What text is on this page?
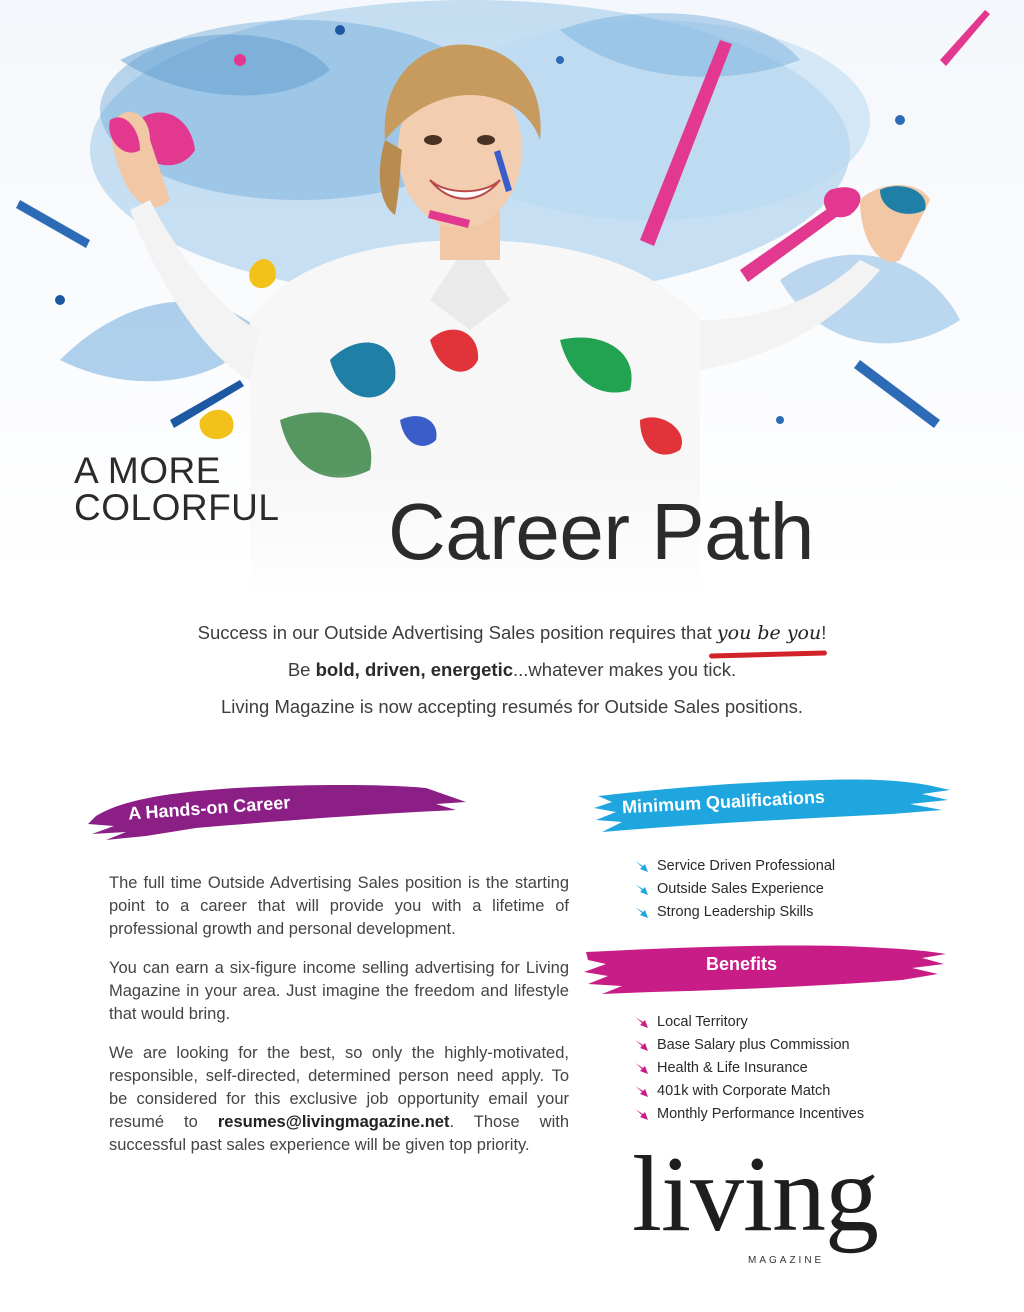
A MORE
COLORFUL Career Path

Success in our Outside Advertising Sales position requires that you be you!

Be bold, driven, energetic...whatever makes you tick.

Living Magazine is now accepting resumés for Outside Sales positions.

A Hands-on Career	Minimum Qualifications

The full time Outside Advertising Sales position is the starting point to a career that will provide you with a lifetime of professional growth and personal development.

You can earn a six-figure income selling advertising for Living Magazine in your area. Just imagine the freedom and lifestyle that would bring.

We are looking for the best, so only the highly-motivated, responsible, self-directed, determined person need apply. To be considered for this exclusive job opportunity email your resumé to resumes@livingmagazine.net. Those with successful past sales experience will be given top priority.

Service Driven Professional
Outside Sales Experience
Strong Leadership Skills
Benefits
Local Territory
Base Salary plus Commission
Health & Life Insurance
401k with Corporate Match
Monthly Performance Incentives
living
MAGAZINE
